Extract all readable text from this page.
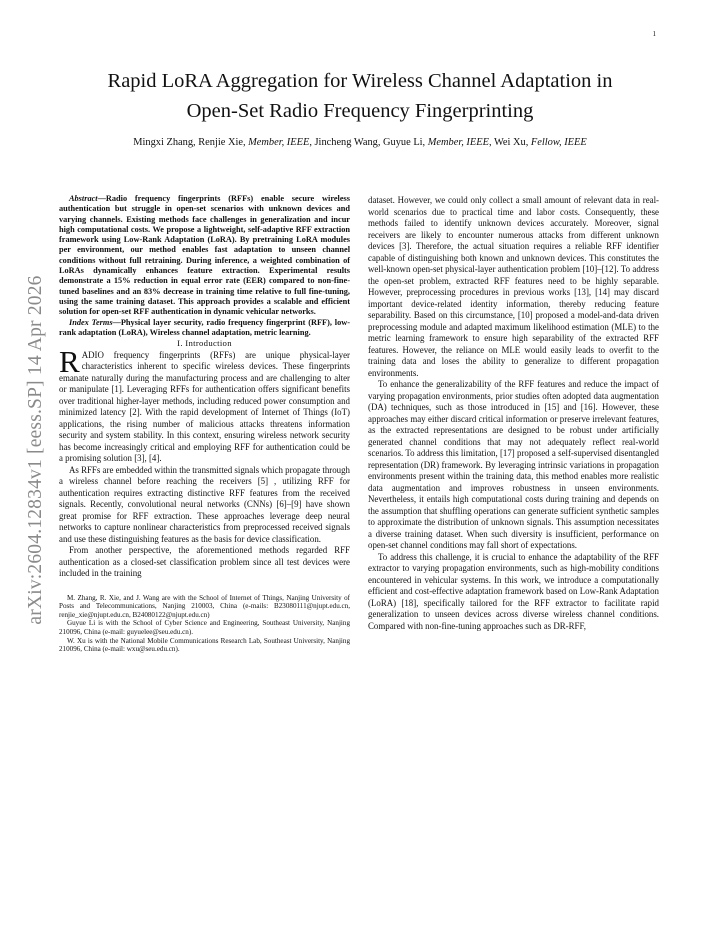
1
arXiv:2604.12834v1 [eess.SP] 14 Apr 2026
Rapid LoRA Aggregation for Wireless Channel Adaptation in
Open-Set Radio Frequency Fingerprinting
Mingxi Zhang, Renjie Xie, Member, IEEE, Jincheng Wang, Guyue Li, Member, IEEE, Wei Xu, Fellow, IEEE

Abstract—Radio frequency fingerprints (RFFs) enable secure wireless authentication but struggle in open-set scenarios with unknown devices and varying channels. Existing methods face challenges in generalization and incur high computational costs. We propose a lightweight, self-adaptive RFF extraction framework using Low-Rank Adaptation (LoRA). By pretraining LoRA modules per environment, our method enables fast adaptation to unseen channel conditions without full retraining. During inference, a weighted combination of LoRAs dynamically enhances feature extraction. Experimental results demonstrate a 15% reduction in equal error rate (EER) compared to non-fine-tuned baselines and an 83% decrease in training time relative to full fine-tuning, using the same training dataset. This approach provides a scalable and efficient solution for open-set RFF authentication in dynamic vehicular networks.

Index Terms—Physical layer security, radio frequency fingerprint (RFF), low-rank adaptation (LoRA), Wireless channel adaptation, metric learning.

I. Introduction

RADIO frequency fingerprints (RFFs) are unique physical-layer characteristics inherent to specific wireless devices. These fingerprints emanate naturally during the manufacturing process and are challenging to alter or manipulate [1]. Leveraging RFFs for authentication offers significant benefits over traditional higher-layer methods, including reduced power consumption and minimized latency [2]. With the rapid development of Internet of Things (IoT) applications, the rising number of malicious attacks threatens information security and system stability. In this context, ensuring wireless network security has become increasingly critical and employing RFF for authentication could be a promising solution [3], [4].

As RFFs are embedded within the transmitted signals which propagate through a wireless channel before reaching the receivers [5] , utilizing RFF for authentication requires extracting distinctive RFF features from the received signals. Recently, convolutional neural networks (CNNs) [6]–[9] have shown great promise for RFF extraction. These approaches leverage deep neural networks to capture nonlinear characteristics from preprocessed received signals and use these distinguishing features as the basis for device classification.

From another perspective, the aforementioned methods regarded RFF authentication as a closed-set classification problem since all test devices were included in the training

M. Zhang, R. Xie, and J. Wang are with the School of Internet of Things, Nanjing University of Posts and Telecommunications, Nanjing 210003, China (e-mails: B23080111@njupt.edu.cn, renjie_xie@njupt.edu.cn, B24080122@njupt.edu.cn)

Guyue Li is with the School of Cyber Science and Engineering, Southeast University, Nanjing 210096, China (e-mail: guyuelee@seu.edu.cn).

W. Xu is with the National Mobile Communications Research Lab, Southeast University, Nanjing 210096, China (e-mail: wxu@seu.edu.cn).

dataset. However, we could only collect a small amount of relevant data in real-world scenarios due to practical time and labor costs. Consequently, these methods failed to identify unknown devices accurately. Moreover, signal receivers are likely to encounter numerous attacks from different unknown devices [3]. Therefore, the actual situation requires a reliable RFF identifier capable of distinguishing both known and unknown devices. This constitutes the well-known open-set physical-layer authentication problem [10]–[12]. To address the open-set problem, extracted RFF features need to be highly separable. However, preprocessing procedures in previous works [13], [14] may discard important device-related identity information, thereby reducing feature separability. Based on this circumstance, [10] proposed a model-and-data driven preprocessing module and adapted maximum likelihood estimation (MLE) to the metric learning framework to ensure high separability of the extracted RFF features. However, the reliance on MLE would easily leads to overfit to the training data and loses the ability to generalize to different propagation environments.

To enhance the generalizability of the RFF features and reduce the impact of varying propagation environments, prior studies often adopted data augmentation (DA) techniques, such as those introduced in [15] and [16]. However, these approaches may either discard critical information or preserve irrelevant features, as the extracted representations are designed to be robust under artificially generated channel conditions that may not adequately reflect real-world scenarios. To address this limitation, [17] proposed a self-supervised disentangled representation (DR) framework. By leveraging intrinsic variations in propagation environments present within the training data, this method enables more realistic data augmentation and improves robustness in unseen environments. Nevertheless, it entails high computational costs during training and depends on the assumption that shuffling operations can generate sufficient synthetic samples to approximate the distribution of unknown signals. This assumption necessitates a diverse training dataset. When such diversity is insufficient, performance on open-set channel conditions may fall short of expectations.

To address this challenge, it is crucial to enhance the adaptability of the RFF extractor to varying propagation environments, such as high-mobility conditions encountered in vehicular systems. In this work, we introduce a computationally efficient and cost-effective adaptation framework based on Low-Rank Adaptation (LoRA) [18], specifically tailored for the RFF extractor to facilitate rapid generalization to unseen devices across diverse wireless channel conditions. Compared with non-fine-tuning approaches such as DR-RFF,
